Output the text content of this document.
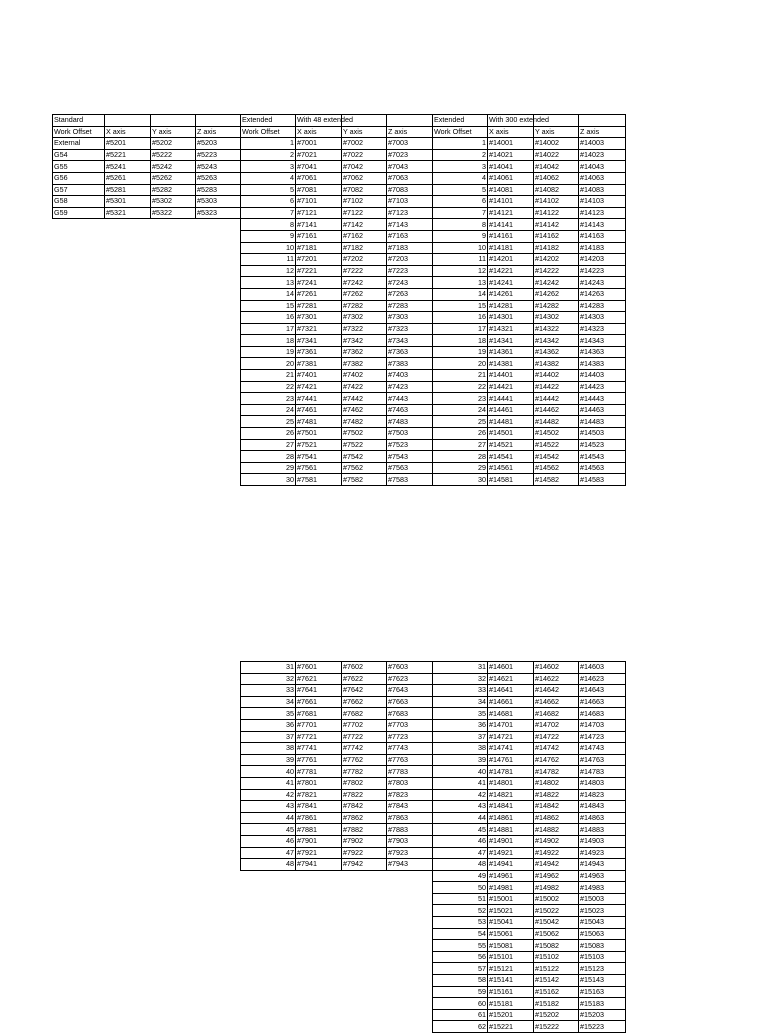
Standard			
Work Offset	X axis	Y axis	Z axis
External	#5201	#5202	#5203
G54	#5221	#5222	#5223
G55	#5241	#5242	#5243
G56	#5261	#5262	#5263
G57	#5281	#5282	#5283
G58	#5301	#5302	#5303
G59	#5321	#5322	#5323
Extended	With 48 extended		
Work Offset	X axis	Y axis	Z axis
1	#7001	#7002	#7003
2	#7021	#7022	#7023
3	#7041	#7042	#7043
4	#7061	#7062	#7063
5	#7081	#7082	#7083
6	#7101	#7102	#7103
7	#7121	#7122	#7123
8	#7141	#7142	#7143
9	#7161	#7162	#7163
10	#7181	#7182	#7183
11	#7201	#7202	#7203
12	#7221	#7222	#7223
13	#7241	#7242	#7243
14	#7261	#7262	#7263
15	#7281	#7282	#7283
16	#7301	#7302	#7303
17	#7321	#7322	#7323
18	#7341	#7342	#7343
19	#7361	#7362	#7363
20	#7381	#7382	#7383
21	#7401	#7402	#7403
22	#7421	#7422	#7423
23	#7441	#7442	#7443
24	#7461	#7462	#7463
25	#7481	#7482	#7483
26	#7501	#7502	#7503
27	#7521	#7522	#7523
28	#7541	#7542	#7543
29	#7561	#7562	#7563
30	#7581	#7582	#7583
Extended	With 300 extended		
Work Offset	X axis	Y axis	Z axis
1	#14001	#14002	#14003
2	#14021	#14022	#14023
3	#14041	#14042	#14043
4	#14061	#14062	#14063
5	#14081	#14082	#14083
6	#14101	#14102	#14103
7	#14121	#14122	#14123
8	#14141	#14142	#14143
9	#14161	#14162	#14163
10	#14181	#14182	#14183
11	#14201	#14202	#14203
12	#14221	#14222	#14223
13	#14241	#14242	#14243
14	#14261	#14262	#14263
15	#14281	#14282	#14283
16	#14301	#14302	#14303
17	#14321	#14322	#14323
18	#14341	#14342	#14343
19	#14361	#14362	#14363
20	#14381	#14382	#14383
21	#14401	#14402	#14403
22	#14421	#14422	#14423
23	#14441	#14442	#14443
24	#14461	#14462	#14463
25	#14481	#14482	#14483
26	#14501	#14502	#14503
27	#14521	#14522	#14523
28	#14541	#14542	#14543
29	#14561	#14562	#14563
30	#14581	#14582	#14583
31	#7601	#7602	#7603
32	#7621	#7622	#7623
33	#7641	#7642	#7643
34	#7661	#7662	#7663
35	#7681	#7682	#7683
36	#7701	#7702	#7703
37	#7721	#7722	#7723
38	#7741	#7742	#7743
39	#7761	#7762	#7763
40	#7781	#7782	#7783
41	#7801	#7802	#7803
42	#7821	#7822	#7823
43	#7841	#7842	#7843
44	#7861	#7862	#7863
45	#7881	#7882	#7883
46	#7901	#7902	#7903
47	#7921	#7922	#7923
48	#7941	#7942	#7943
31	#14601	#14602	#14603
32	#14621	#14622	#14623
33	#14641	#14642	#14643
34	#14661	#14662	#14663
35	#14681	#14682	#14683
36	#14701	#14702	#14703
37	#14721	#14722	#14723
38	#14741	#14742	#14743
39	#14761	#14762	#14763
40	#14781	#14782	#14783
41	#14801	#14802	#14803
42	#14821	#14822	#14823
43	#14841	#14842	#14843
44	#14861	#14862	#14863
45	#14881	#14882	#14883
46	#14901	#14902	#14903
47	#14921	#14922	#14923
48	#14941	#14942	#14943
49	#14961	#14962	#14963
50	#14981	#14982	#14983
51	#15001	#15002	#15003
52	#15021	#15022	#15023
53	#15041	#15042	#15043
54	#15061	#15062	#15063
55	#15081	#15082	#15083
56	#15101	#15102	#15103
57	#15121	#15122	#15123
58	#15141	#15142	#15143
59	#15161	#15162	#15163
60	#15181	#15182	#15183
61	#15201	#15202	#15203
62	#15221	#15222	#15223
